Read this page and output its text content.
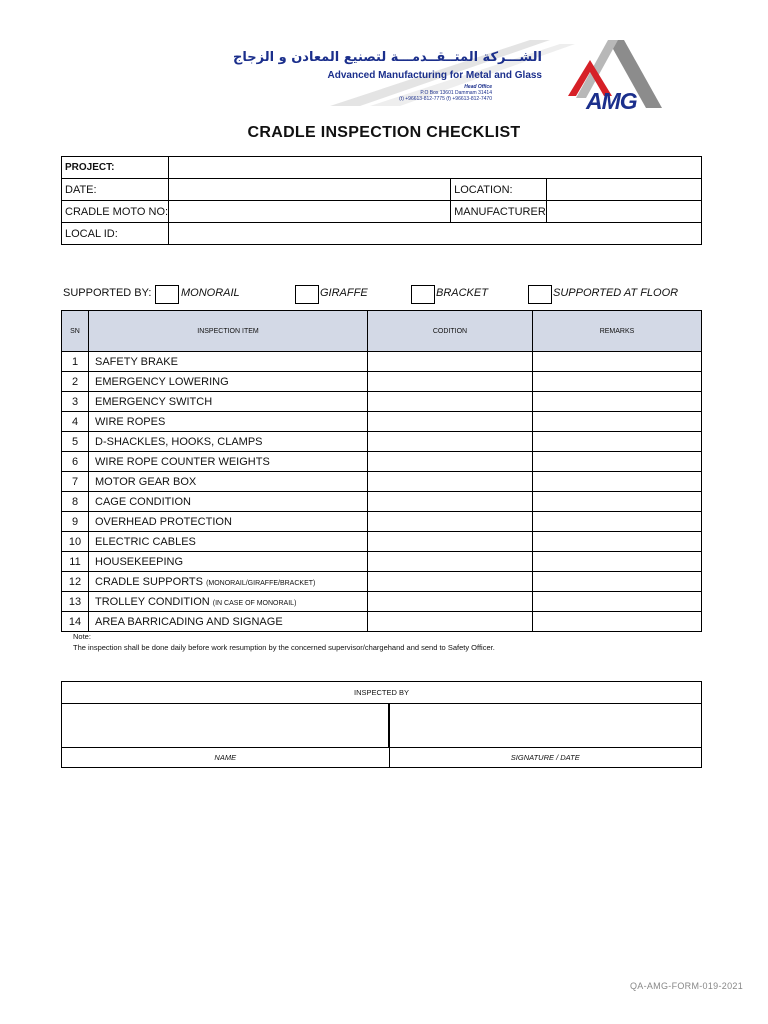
الشـــركة المتــقــدمـــة لتصنيع المعادن و الزجاج
Advanced Manufacturing for Metal and Glass
Head Office
P.O Box 13601 Dammam 31414
(t) +96613-812-7775 (f) +96613-812-7470	AMG
CRADLE INSPECTION CHECKLIST
PROJECT:			
DATE:		LOCATION:	
CRADLE MOTO NO:		MANUFACTURER	
LOCAL ID:			
SUPPORTED BY:	MONORAIL	GIRAFFE	BRACKET	SUPPORTED AT FLOOR
SN	INSPECTION ITEM	CODITION	REMARKS
1	SAFETY BRAKE		
2	EMERGENCY LOWERING		
3	EMERGENCY SWITCH		
4	WIRE ROPES		
5	D-SHACKLES, HOOKS, CLAMPS		
6	WIRE ROPE COUNTER WEIGHTS		
7	MOTOR GEAR BOX		
8	CAGE CONDITION		
9	OVERHEAD PROTECTION		
10	ELECTRIC CABLES		
11	HOUSEKEEPING		
12	CRADLE SUPPORTS (MONORAIL/GIRAFFE/BRACKET)		
13	TROLLEY CONDITION (IN CASE OF MONORAIL)		
14	AREA BARRICADING AND SIGNAGE		
Note:
The inspection shall be done daily before work resumption by the concerned supervisor/chargehand and send to Safety Officer.
INSPECTED BY	

NAME	SIGNATURE / DATE
QA-AMG-FORM-019-2021
